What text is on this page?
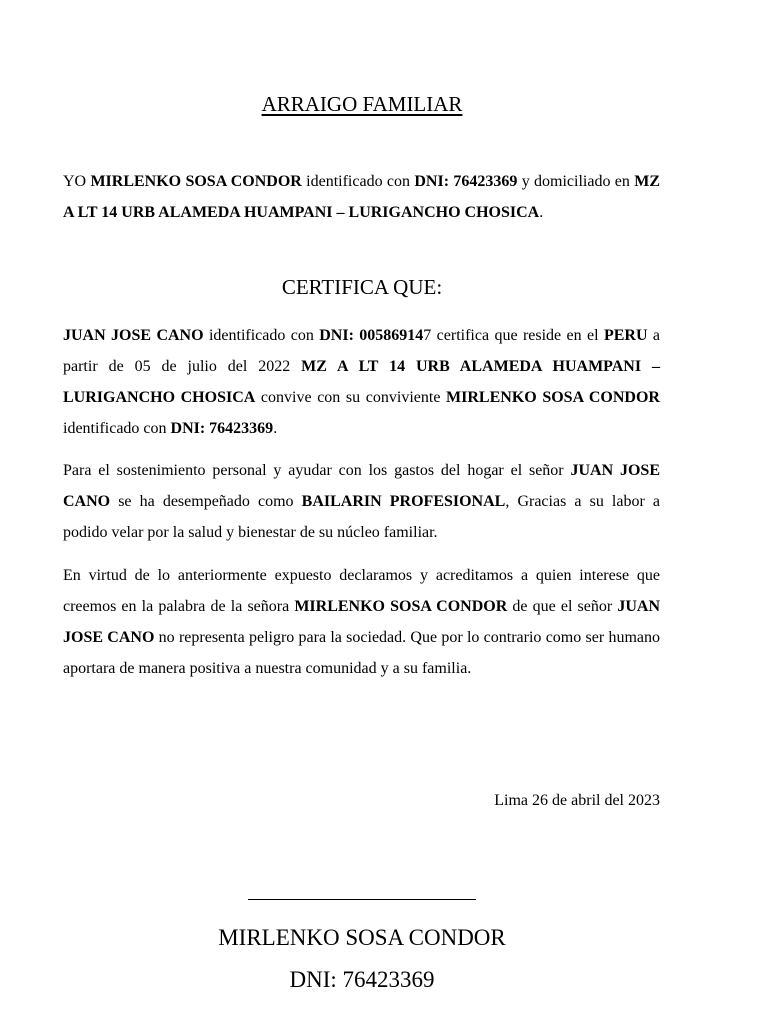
ARRAIGO FAMILIAR
YO MIRLENKO SOSA CONDOR identificado con DNI: 76423369 y domiciliado en MZ A LT 14 URB ALAMEDA HUAMPANI – LURIGANCHO CHOSICA.
CERTIFICA QUE:
JUAN JOSE CANO identificado con DNI: 005869147 certifica que reside en el PERU a partir de 05 de julio del 2022 MZ A LT 14 URB ALAMEDA HUAMPANI – LURIGANCHO CHOSICA convive con su conviviente MIRLENKO SOSA CONDOR identificado con DNI: 76423369.
Para el sostenimiento personal y ayudar con los gastos del hogar el señor JUAN JOSE CANO se ha desempeñado como BAILARIN PROFESIONAL, Gracias a su labor a podido velar por la salud y bienestar de su núcleo familiar.
En virtud de lo anteriormente expuesto declaramos y acreditamos a quien interese que creemos en la palabra de la señora MIRLENKO SOSA CONDOR de que el señor JUAN JOSE CANO no representa peligro para la sociedad. Que por lo contrario como ser humano aportara de manera positiva a nuestra comunidad y a su familia.
Lima 26 de abril del 2023
MIRLENKO SOSA CONDOR
DNI: 76423369
